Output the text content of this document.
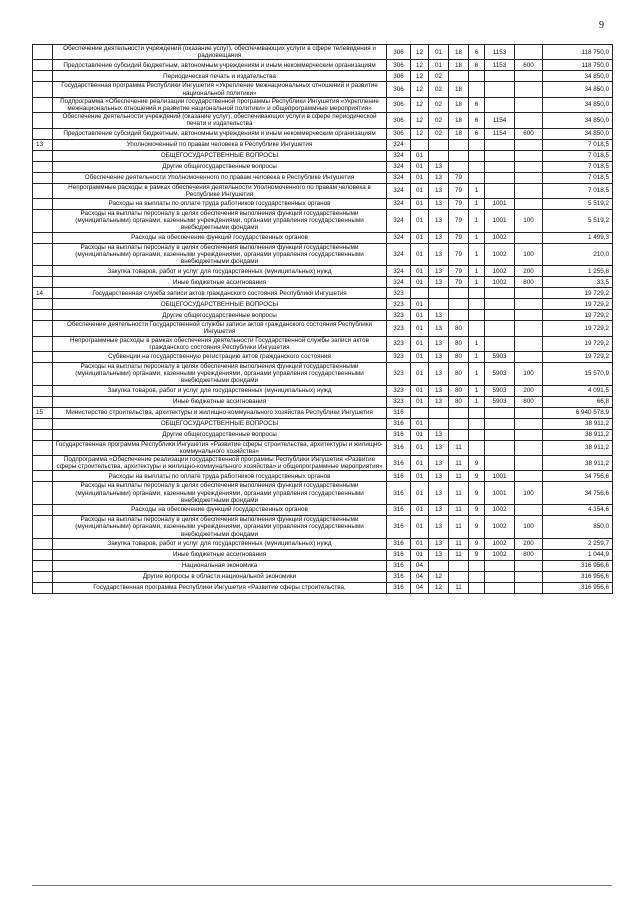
9
	Обеспечение деятельности учреждений (оказание услуг), обеспечивающих услуги в сфере телевидения и радиовещания	306	12	01	18	6	1153		118 750,0
	Предоставление субсидий бюджетным, автономным учреждениям и иным некоммерческим организациям	306	12	01	18	6	1153	600	118 750,0
	Периодическая печать и издательства	306	12	02					34 850,0
	Государственная программа Республики Ингушетия «Укрепление межнациональных отношений и развитие национальной политики»	306	12	02	18				34 850,0
	Подпрограмма «Обеспечение реализации государственной программы Республики Ингушетия «Укрепление межнациональных отношений и развитие национальной политики» и общепрограммные мероприятия»	306	12	02	18	6			34 850,0
	Обеспечение деятельности учреждений (оказание услуг), обеспечивающих услуги в сфере периодической печати и издательства	306	12	02	18	6	1154		34 850,0
	Предоставление субсидий бюджетным, автономным учреждениям и иным некоммерческим организациям	306	12	02	18	6	1154	600	34 850,0
13	Уполномоченный по правам человека в Республике Ингушетия	324							7 018,5
	ОБЩЕГОСУДАРСТВЕННЫЕ ВОПРОСЫ	324	01						7 018,5
	Другие общегосударственные вопросы	324	01	13					7 018,5
	Обеспечение деятельности Уполномоченного по правам человека в Республике Ингушетия	324	01	13	79				7 018,5
	Непрограммные расходы в рамках обеспечения деятельности Уполномоченного по правам человека в Республике Ингушетия	324	01	13	79	1			7 018,5
	Расходы на выплаты по оплате труда работников государственных органов	324	01	13	79	1	1001		5 519,2
	Расходы на выплаты персоналу в целях обеспечения выполнения функций государственными (муниципальными) органами, казенными учреждениями, органами управления государственными внебюджетными фондами	324	01	13	79	1	1001	100	5 519,2
	Расходы на обеспечение функций государственных органов	324	01	13	79	1	1002		1 499,3
	Расходы на выплаты персоналу в целях обеспечения выполнения функций государственными (муниципальными) органами, казенными учреждениями, органами управления государственными внебюджетными фондами	324	01	13	79	1	1002	100	210,0
	Закупка товаров, работ и услуг для государственных (муниципальных) нужд	324	01	13	79	1	1002	200	1 255,8
	Иные бюджетные ассигнования	324	01	13	79	1	1002	800	33,5
14	Государственная служба записи актов гражданского состояния Республики Ингушетия	323							19 729,2
	ОБЩЕГОСУДАРСТВЕННЫЕ ВОПРОСЫ	323	01						19 729,2
	Другие общегосударственные вопросы	323	01	13					19 729,2
	Обеспечение деятельности Государственной службы записи актов гражданского состояния Республики Ингушетия	323	01	13	80				19 729,2
	Непрограммные расходы в рамках обеспечения деятельности Государственной службы записи актов гражданского состояния Республики Ингушетия	323	01	13	80	1			19 729,2
	Субвенции на государственную регистрацию актов гражданского состояния	323	01	13	80	1	5903		19 729,2
	Расходы на выплаты персоналу в целях обеспечения выполнения функций государственными (муниципальными) органами, казенными учреждениями, органами управления государственными внебюджетными фондами	323	01	13	80	1	5903	100	15 570,9
	Закупка товаров, работ и услуг для государственных (муниципальных) нужд	323	01	13	80	1	5903	200	4 091,5
	Иные бюджетные ассигнования	323	01	13	80	1	5903	800	66,8
15	Министерство строительства, архитектуры и жилищно-коммунального хозяйства Республики Ингушетия	316							6 940 578,9
	ОБЩЕГОСУДАРСТВЕННЫЕ ВОПРОСЫ	316	01						38 911,2
	Другие общегосударственные вопросы	316	01	13					38 911,2
	Государственная программа Республики Ингушетия «Развитие сферы строительства, архитектуры и жилищно-коммунального хозяйства»	316	01	13	11				38 911,2
	Подпрограмма «Обеспечение реализации государственной программы Республики Ингушетия «Развитие сферы строительства, архитектуры и жилищно-коммунального хозяйства» и общепрограммные мероприятия»	316	01	13	11	9			38 911,2
	Расходы на выплаты по оплате труда работников государственных органов	316	01	13	11	9	1001		34 756,6
	Расходы на выплаты персоналу в целях обеспечения выполнения функций государственными (муниципальными) органами, казенными учреждениями, органами управления государственными внебюджетными фондами	316	01	13	11	9	1001	100	34 756,6
	Расходы на обеспечение функций государственных органов	316	01	13	11	9	1002		4 154,6
	Расходы на выплаты персоналу в целях обеспечения выполнения функций государственными (муниципальными) органами, казенными учреждениями, органами управления государственными внебюджетными фондами	316	01	13	11	9	1002	100	850,0
	Закупка товаров, работ и услуг для государственных (муниципальных) нужд	316	01	13	11	9	1002	200	2 259,7
	Иные бюджетные ассигнования	316	01	13	11	9	1002	800	1 044,9
	Национальная экономика	316	04						316 956,6
	Другие вопросы в области национальной экономики	316	04	12					316 956,6
	Государственная программа Республики Ингушетия «Развитие сферы строительства,	316	04	12	11				316 956,6
